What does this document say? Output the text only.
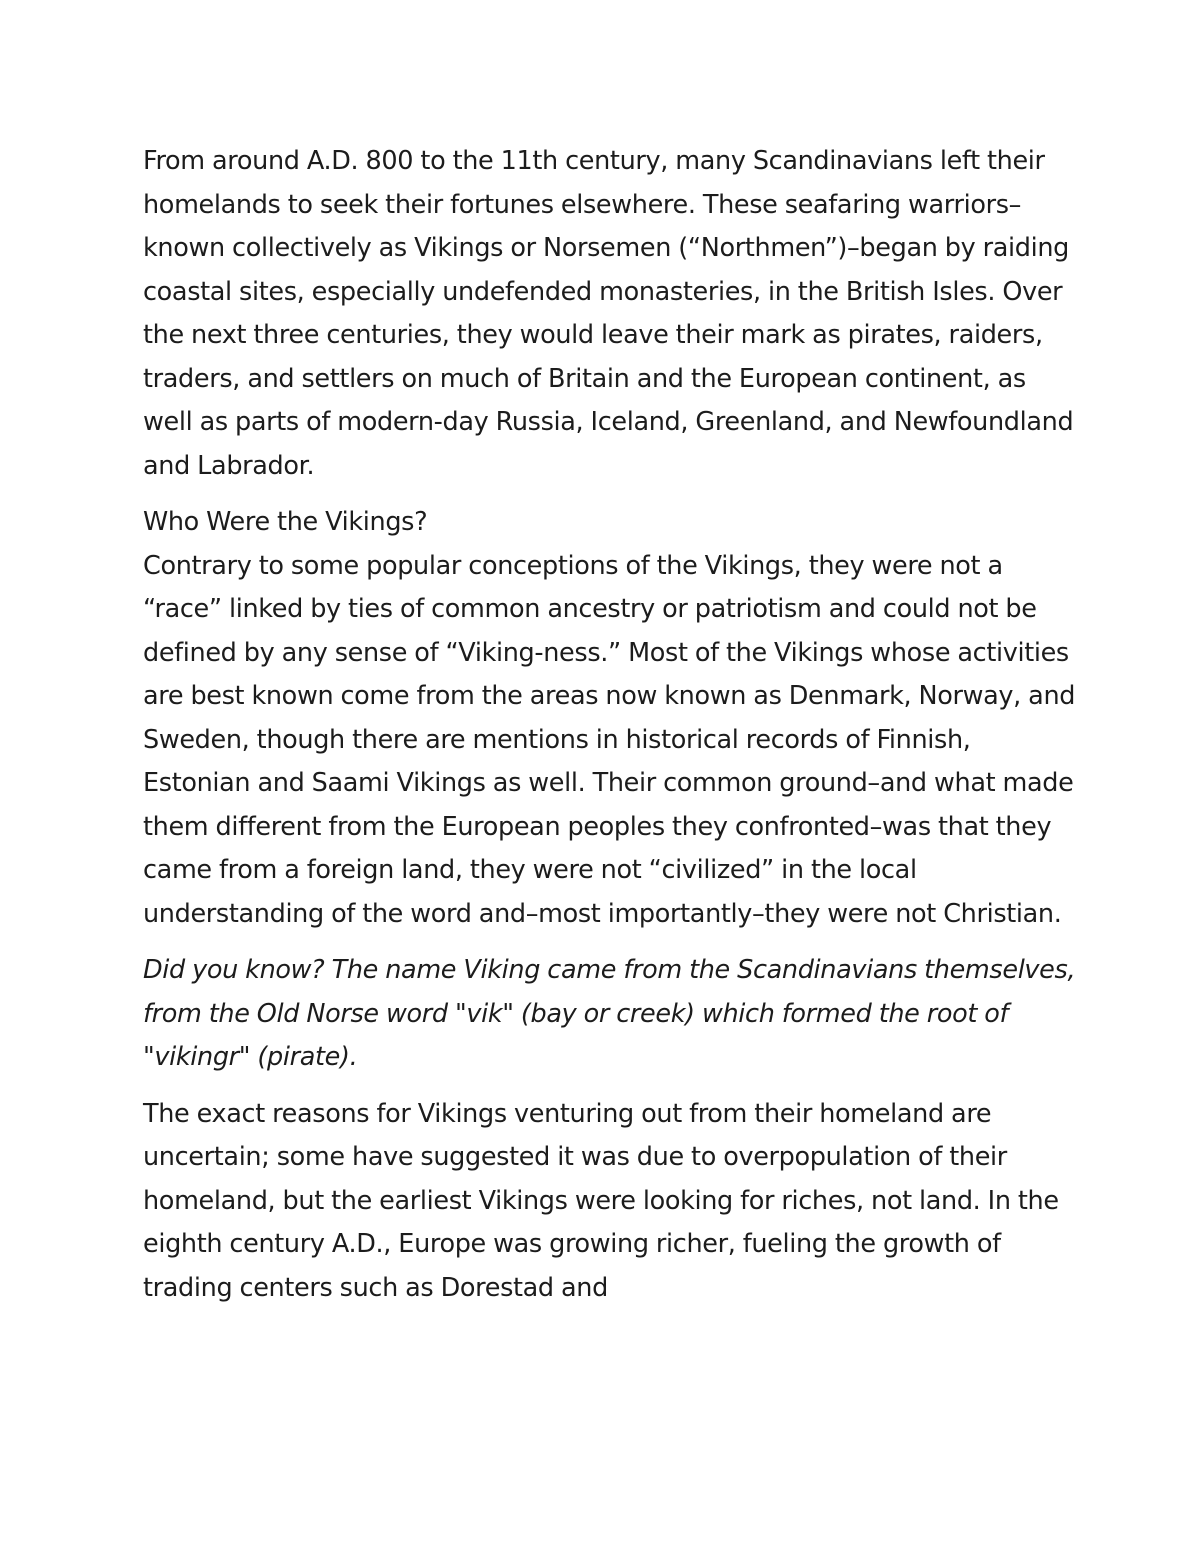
From around A.D. 800 to the 11th century, many Scandinavians left their homelands to seek their fortunes elsewhere. These seafaring warriors–known collectively as Vikings or Norsemen (“Northmen”)–began by raiding coastal sites, especially undefended monasteries, in the British Isles. Over the next three centuries, they would leave their mark as pirates, raiders, traders, and settlers on much of Britain and the European continent, as well as parts of modern-day Russia, Iceland, Greenland, and Newfoundland and Labrador.

Who Were the Vikings?

Contrary to some popular conceptions of the Vikings, they were not a “race” linked by ties of common ancestry or patriotism and could not be defined by any sense of “Viking-ness.” Most of the Vikings whose activities are best known come from the areas now known as Denmark, Norway, and Sweden, though there are mentions in historical records of Finnish, Estonian and Saami Vikings as well. Their common ground–and what made them different from the European peoples they confronted–was that they came from a foreign land, they were not “civilized” in the local understanding of the word and–most importantly–they were not Christian.

Did you know? The name Viking came from the Scandinavians themselves, from the Old Norse word "vik" (bay or creek) which formed the root of "vikingr" (pirate).

The exact reasons for Vikings venturing out from their homeland are uncertain; some have suggested it was due to overpopulation of their homeland, but the earliest Vikings were looking for riches, not land. In the eighth century A.D., Europe was growing richer, fueling the growth of trading centers such as Dorestad and
